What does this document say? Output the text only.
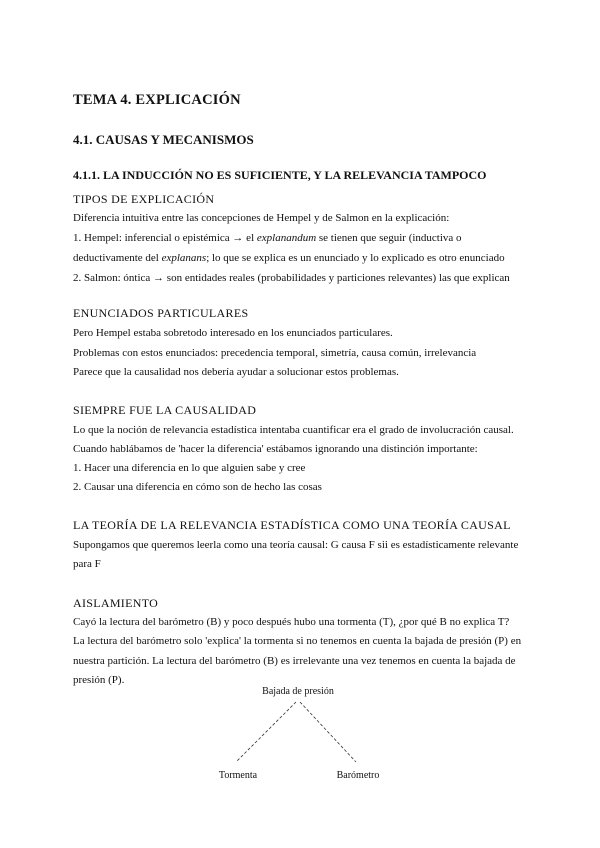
TEMA 4. EXPLICACIÓN
4.1. CAUSAS Y MECANISMOS
4.1.1. LA INDUCCIÓN NO ES SUFICIENTE, Y LA RELEVANCIA TAMPOCO
TIPOS DE EXPLICACIÓN
Diferencia intuitiva entre las concepciones de Hempel y de Salmon en la explicación:
1. Hempel: inferencial o epistémica → el explanandum se tienen que seguir (inductiva o
deductivamente del explanans; lo que se explica es un enunciado y lo explicado es otro enunciado
2. Salmon: óntica → son entidades reales (probabilidades y particiones relevantes) las que explican
ENUNCIADOS PARTICULARES
Pero Hempel estaba sobretodo interesado en los enunciados particulares.
Problemas con estos enunciados: precedencia temporal, simetría, causa común, irrelevancia
Parece que la causalidad nos debería ayudar a solucionar estos problemas.
SIEMPRE FUE LA CAUSALIDAD
Lo que la noción de relevancia estadística intentaba cuantificar era el grado de involucración causal.
Cuando hablábamos de 'hacer la diferencia' estábamos ignorando una distinción importante:
1. Hacer una diferencia en lo que alguien sabe y cree
2. Causar una diferencia en cómo son de hecho las cosas
LA TEORÍA DE LA RELEVANCIA ESTADÍSTICA COMO UNA TEORÍA CAUSAL
Supongamos que queremos leerla como una teoría causal: G causa F sii es estadísticamente relevante
para F
AISLAMIENTO
Cayó la lectura del barómetro (B) y poco después hubo una tormenta (T), ¿por qué B no explica T?
La lectura del barómetro solo 'explica' la tormenta si no tenemos en cuenta la bajada de presión (P) en
nuestra partición. La lectura del barómetro (B) es irrelevante una vez tenemos en cuenta la bajada de
presión (P).
Bajada de presión
Tormenta	Barómetro
